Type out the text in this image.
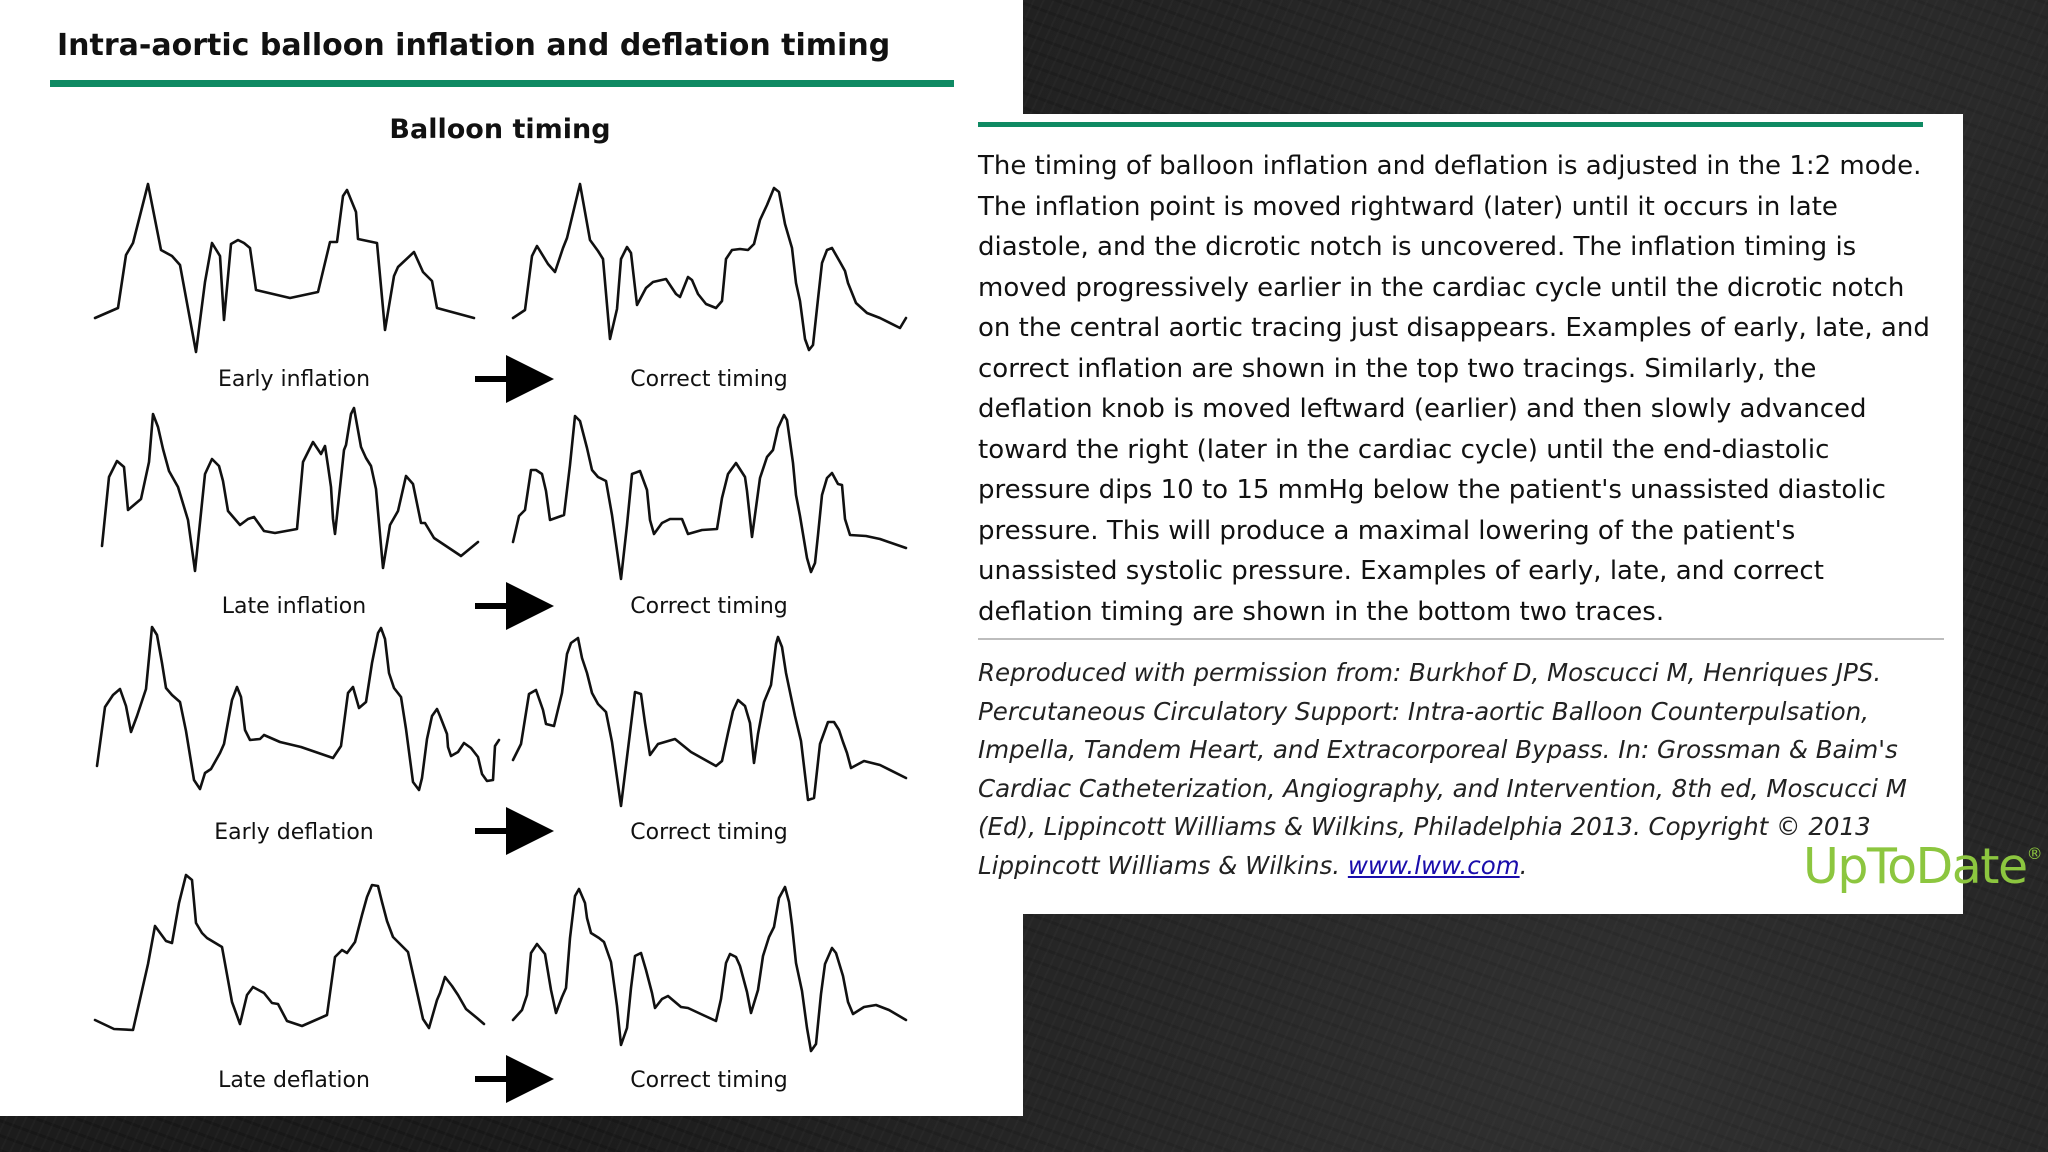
Intra-aortic balloon inflation and deflation timing
Balloon timing
Early inflation	Correct timing
Late inflation	Correct timing
Early deflation	Correct timing
Late deflation	Correct timing

The timing of balloon inflation and deflation is adjusted in the 1:2 mode. The inflation point is moved rightward (later) until it occurs in late diastole, and the dicrotic notch is uncovered. The inflation timing is moved progressively earlier in the cardiac cycle until the dicrotic notch on the central aortic tracing just disappears. Examples of early, late, and correct inflation are shown in the top two tracings. Similarly, the deflation knob is moved leftward (earlier) and then slowly advanced toward the right (later in the cardiac cycle) until the end-diastolic pressure dips 10 to 15 mmHg below the patient's unassisted diastolic pressure. This will produce a maximal lowering of the patient's unassisted systolic pressure. Examples of early, late, and correct deflation timing are shown in the bottom two traces.

Reproduced with permission from: Burkhof D, Moscucci M, Henriques JPS. Percutaneous Circulatory Support: Intra-aortic Balloon Counterpulsation, Impella, Tandem Heart, and Extracorporeal Bypass. In: Grossman & Baim's Cardiac Catheterization, Angiography, and Intervention, 8th ed, Moscucci M (Ed), Lippincott Williams & Wilkins, Philadelphia 2013. Copyright © 2013 Lippincott Williams & Wilkins. www.lww.com.	UpToDate®
